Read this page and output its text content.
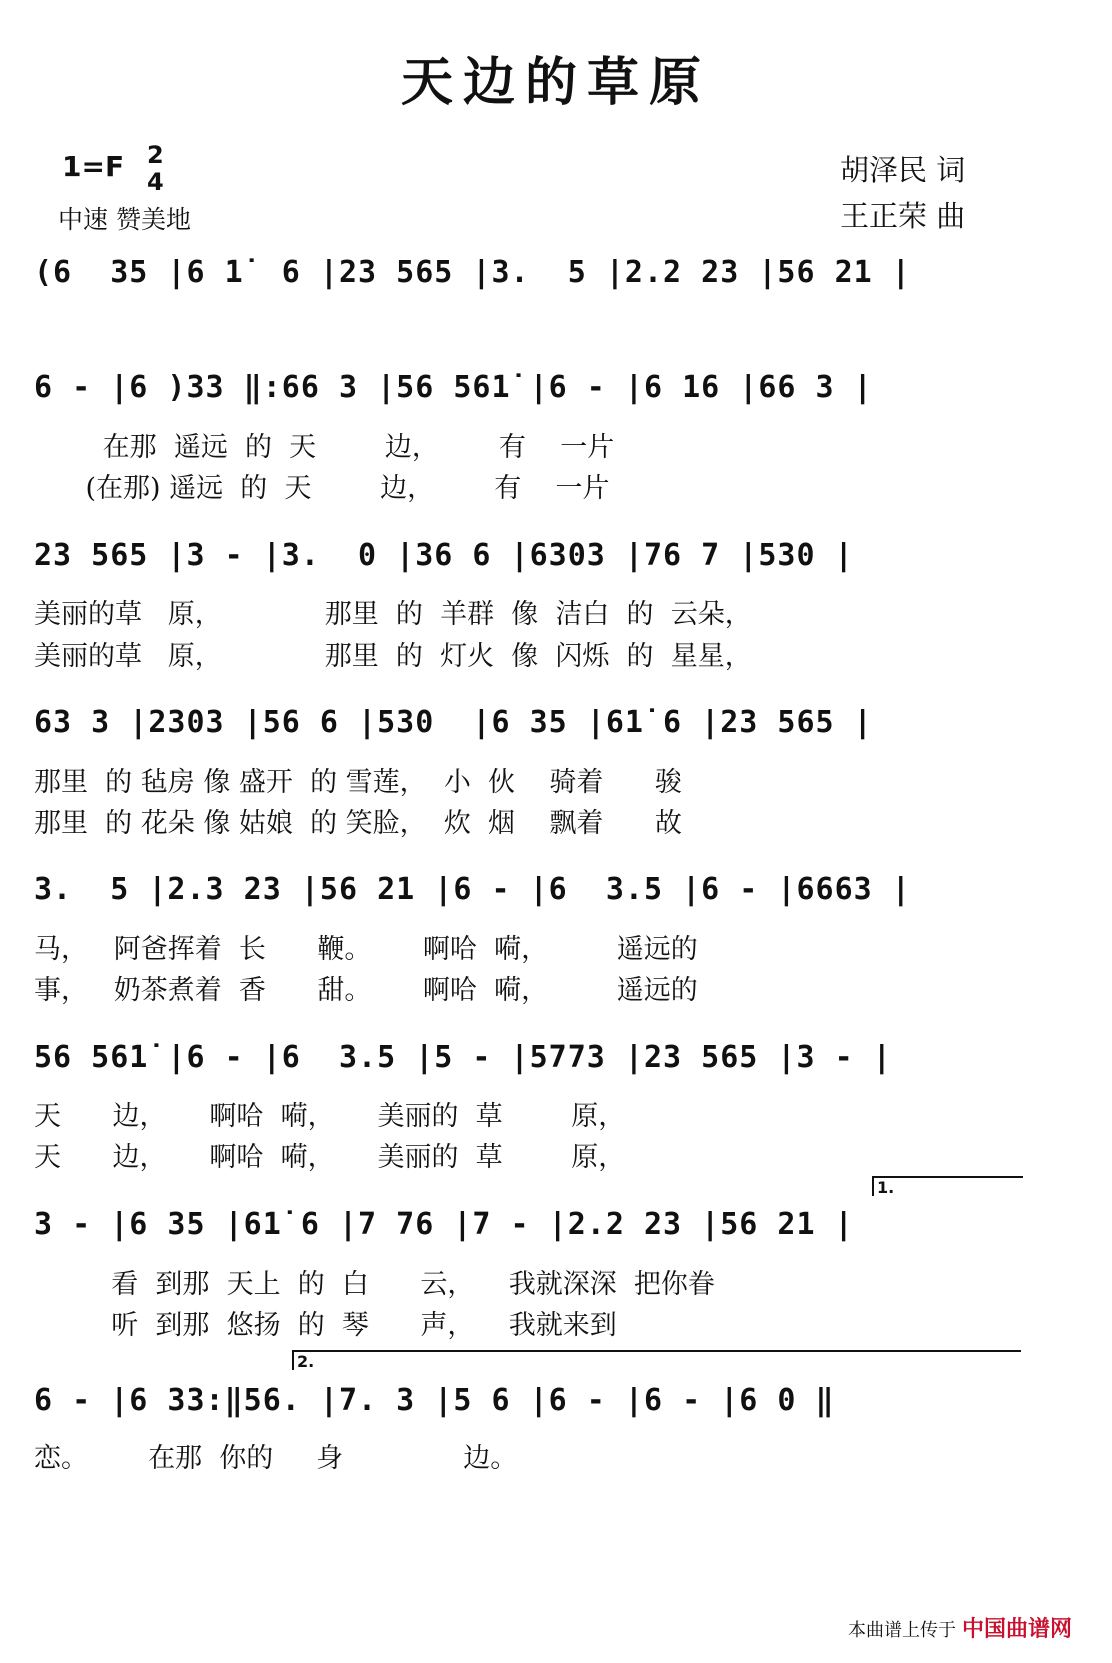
天边的草原
1=F 2
4
中速 赞美地
胡泽民 词
王正荣 曲
(6  35 |6 1̇  6 |23 565 |3.  5 |2.2 23 |56 21 |
6 - |6 )33 ‖:66 3 |56 561̇ |6 - |6 16 |66 3 |
在那  遥远  的  天        边，       有    一片
(在那) 遥远  的  天        边，       有    一片
23 565 |3 - |3.  0 |36 6 |6303 |76 7 |530 |
美丽的草   原，            那里  的  羊群  像  洁白  的  云朵，
美丽的草   原，            那里  的  灯火  像  闪烁  的  星星，
63 3 |2303 |56 6 |530  |6 35 |61̇ 6 |23 565 |
那里  的 毡房 像 盛开  的 雪莲，  小  伙    骑着      骏
那里  的 花朵 像 姑娘  的 笑脸，  炊  烟    飘着      故
3.  5 |2.3 23 |56 21 |6 - |6  3.5 |6 - |6663 |
马，   阿爸挥着  长      鞭。      啊哈  嗬，        遥远的
事，   奶茶煮着  香      甜。      啊哈  嗬，        遥远的
56 561̇ |6 - |6  3.5 |5 - |5773 |23 565 |3 - |
天      边，     啊哈  嗬，     美丽的  草        原，
天      边，     啊哈  嗬，     美丽的  草        原，
1.
3 - |6 35 |61̇ 6 |7 76 |7 - |2.2 23 |56 21 |
看  到那  天上  的  白      云，    我就深深  把你眷
听  到那  悠扬  的  琴      声，    我就来到
2.
6 - |6 33:‖56. |7. 3 |5 6 |6 - |6 - |6 0 ‖
恋。       在那  你的     身              边。
本曲谱上传于 中国曲谱网
